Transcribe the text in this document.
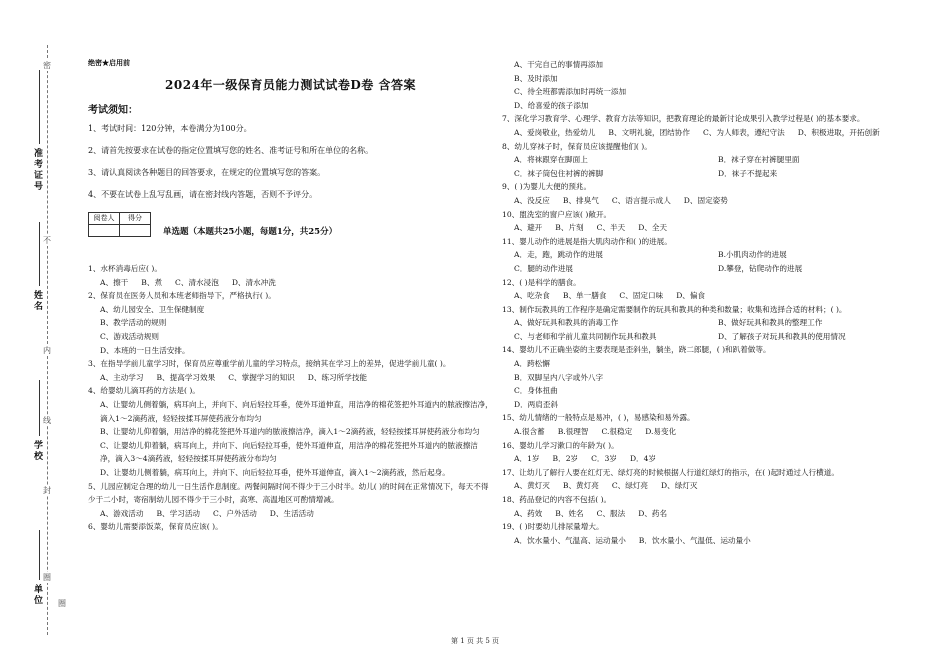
准考证号
姓名
学校
单位
密
不
内
线
封
圈
圈
绝密★启用前
2024年一级保育员能力测试试卷D卷 含答案
考试须知：
1、考试时间：120分钟，本卷满分为100分。
2、请首先按要求在试卷的指定位置填写您的姓名、准考证号和所在单位的名称。
3、请认真阅读各种题目的回答要求，在规定的位置填写您的答案。
4、不要在试卷上乱写乱画，请在密封线内答题，否则不予评分。
阅卷人	得分

单选题（本题共25小题，每题1分，共25分）
1、水杯消毒后应( )。
A、擦干 B、煮 C、清水浸泡 D、清水冲洗
2、保育员在医务人员和本班老师指导下，严格执行( )。
A、幼儿园安全、卫生保健制度
B、教学活动的规则
C、游戏活动规则
D、本班的一日生活安排。
3、在指导学前儿童学习时，保育员应尊重学前儿童的学习特点，接纳其在学习上的差异，促进学前儿童( )。
A、主动学习 B、提高学习效果 C、掌握学习的知识 D、练习所学技能
4、给婴幼儿滴耳药的方法是( )。
A、让婴幼儿侧着躺，病耳向上，并向下、向后轻拉耳垂，使外耳道伸直，用洁净的棉花签把外耳道内的脓液擦洁净，滴入1～2滴药液，轻轻按揉耳屏使药液分布均匀
B、让婴幼儿仰着躺，用洁净的棉花签把外耳道内的脓液擦洁净，滴入1～2滴药液，轻轻按揉耳屏使药液分布均匀
C、让婴幼儿仰着躺，病耳向上，并向下、向后轻拉耳垂，使外耳道伸直，用洁净的棉花签把外耳道内的脓液擦洁净，滴入3～4滴药液，轻轻按揉耳屏使药液分布均匀
D、让婴幼儿侧着躺，病耳向上，并向下、向后轻拉耳垂，使外耳道伸直，滴入1～2滴药液，然后起身。
5、儿园应制定合理的幼儿一日生活作息制度。两餐间隔时间不得少于三小时半。幼儿( )的时间在正常情况下，每天不得少于二小时，寄宿制幼儿园不得少于三小时，高寒、高温地区可酌情增减。
A、游戏活动 B、学习活动 C、户外活动 D、生活活动
6、婴幼儿需要添饭菜，保育员应该( )。
A、干完自己的事情再添加
B、及时添加
C、待全班都需添加时再统一添加
D、给喜爱的孩子添加
7、深化学习教育学、心理学、教育方法等知识，把教育理论的最新讨论成果引入教学过程是( )的基本要求。
A、爱岗敬业，热爱幼儿 B、文明礼貌，团结协作 C、为人师表，遵纪守法 D、积极进取，开拓创新
8、幼儿穿袜子时，保育员应该提醒他们( )。
A．将袜跟穿在脚面上	B．袜子穿在衬裤腿里面
C．袜子筒包住衬裤的裤脚	D．袜子不提起来
9、( )为婴儿大便的预兆。
A、没反应 B、排臭气 C、语言提示成人 D、固定姿势
10、盥洗室的窗户应该( )敞开。
A、避开 B、片刻 C、半天 D、全天
11、婴儿动作的进展是指大肌肉动作和( )的进展。
A．走，跑，跳动作的进展	B.小肌肉动作的进展
C．腿的动作进展	D.攀登，钻爬动作的进展
12、( )是科学的膳食。
A、吃杂食 B、单一膳食 C、固定口味 D、偏食
13、制作玩教具的工作程序是确定需要制作的玩具和教具的种类和数量；收集和选择合适的材料；( )。
A、做好玩具和教具的消毒工作	B、做好玩具和教具的整理工作
C、与老师和学前儿童共同制作玩具和教具	D、了解孩子对玩具和教具的使用情况
14、婴幼儿不正确坐姿的主要表现是歪斜坐，躺坐，跷二郎腿，( )和趴着做等。
A．跨松懈
B．双脚呈内八字或外八字
C．身体扭曲
D．两肩歪斜
15、幼儿情绪的一般特点是易冲，( )，易感染和易外露。
A.很含蓄 B.很理智 C.很稳定 D.易变化
16、婴幼儿学习漱口的年龄为( )。
A．1岁 B．2岁 C．3岁 D．4岁
17、让幼儿了解行人要在红灯无、绿灯亮的时候根据人行道红绿灯的指示，在( )起时通过人行横道。
A、黄灯灭 B、黄灯亮 C、绿灯亮 D、绿灯灭
18、药品登记的内容不包括( )。
A、药效 B、姓名 C、服法 D、药名
19、( )时要幼儿排尿量增大。
A．饮水量小、气温高、运动量小 B．饮水量小、气温低、运动量小
第 1 页 共 5 页
